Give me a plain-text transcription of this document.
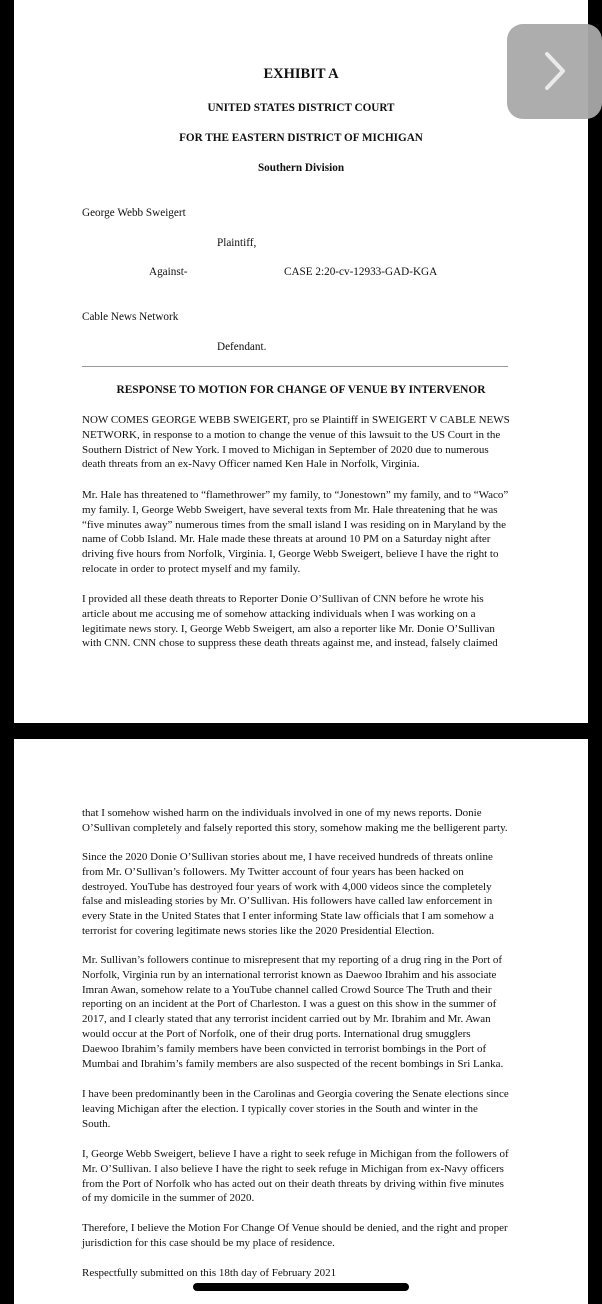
EXHIBIT A
UNITED STATES DISTRICT COURT
FOR THE EASTERN DISTRICT OF MICHIGAN
Southern Division
George Webb Sweigert
Plaintiff,
Against-	CASE 2:20-cv-12933-GAD-KGA
Cable News Network
Defendant.
RESPONSE TO MOTION FOR CHANGE OF VENUE BY INTERVENOR
NOW COMES GEORGE WEBB SWEIGERT, pro se Plaintiff in SWEIGERT V CABLE NEWS
NETWORK, in response to a motion to change the venue of this lawsuit to the US Court in the
Southern District of New York. I moved to Michigan in September of 2020 due to numerous
death threats from an ex-Navy Officer named Ken Hale in Norfolk, Virginia.
Mr. Hale has threatened to “flamethrower” my family, to “Jonestown” my family, and to “Waco”
my family. I, George Webb Sweigert, have several texts from Mr. Hale threatening that he was
“five minutes away” numerous times from the small island I was residing on in Maryland by the
name of Cobb Island. Mr. Hale made these threats at around 10 PM on a Saturday night after
driving five hours from Norfolk, Virginia. I, George Webb Sweigert, believe I have the right to
relocate in order to protect myself and my family.
I provided all these death threats to Reporter Donie O’Sullivan of CNN before he wrote his
article about me accusing me of somehow attacking individuals when I was working on a
legitimate news story. I, George Webb Sweigert, am also a reporter like Mr. Donie O’Sullivan
with CNN. CNN chose to suppress these death threats against me, and instead, falsely claimed
that I somehow wished harm on the individuals involved in one of my news reports. Donie
O’Sullivan completely and falsely reported this story, somehow making me the belligerent party.
Since the 2020 Donie O’Sullivan stories about me, I have received hundreds of threats online
from Mr. O’Sullivan’s followers. My Twitter account of four years has been hacked on
destroyed. YouTube has destroyed four years of work with 4,000 videos since the completely
false and misleading stories by Mr. O’Sullivan. His followers have called law enforcement in
every State in the United States that I enter informing State law officials that I am somehow a
terrorist for covering legitimate news stories like the 2020 Presidential Election.
Mr. Sullivan’s followers continue to misrepresent that my reporting of a drug ring in the Port of
Norfolk, Virginia run by an international terrorist known as Daewoo Ibrahim and his associate
Imran Awan, somehow relate to a YouTube channel called Crowd Source The Truth and their
reporting on an incident at the Port of Charleston. I was a guest on this show in the summer of
2017, and I clearly stated that any terrorist incident carried out by Mr. Ibrahim and Mr. Awan
would occur at the Port of Norfolk, one of their drug ports. International drug smugglers
Daewoo Ibrahim’s family members have been convicted in terrorist bombings in the Port of
Mumbai and Ibrahim’s family members are also suspected of the recent bombings in Sri Lanka.
I have been predominantly been in the Carolinas and Georgia covering the Senate elections since
leaving Michigan after the election. I typically cover stories in the South and winter in the
South.
I, George Webb Sweigert, believe I have a right to seek refuge in Michigan from the followers of
Mr. O’Sullivan. I also believe I have the right to seek refuge in Michigan from ex-Navy officers
from the Port of Norfolk who has acted out on their death threats by driving within five minutes
of my domicile in the summer of 2020.
Therefore, I believe the Motion For Change Of Venue should be denied, and the right and proper
jurisdiction for this case should be my place of residence.
Respectfully submitted on this 18th day of February 2021
